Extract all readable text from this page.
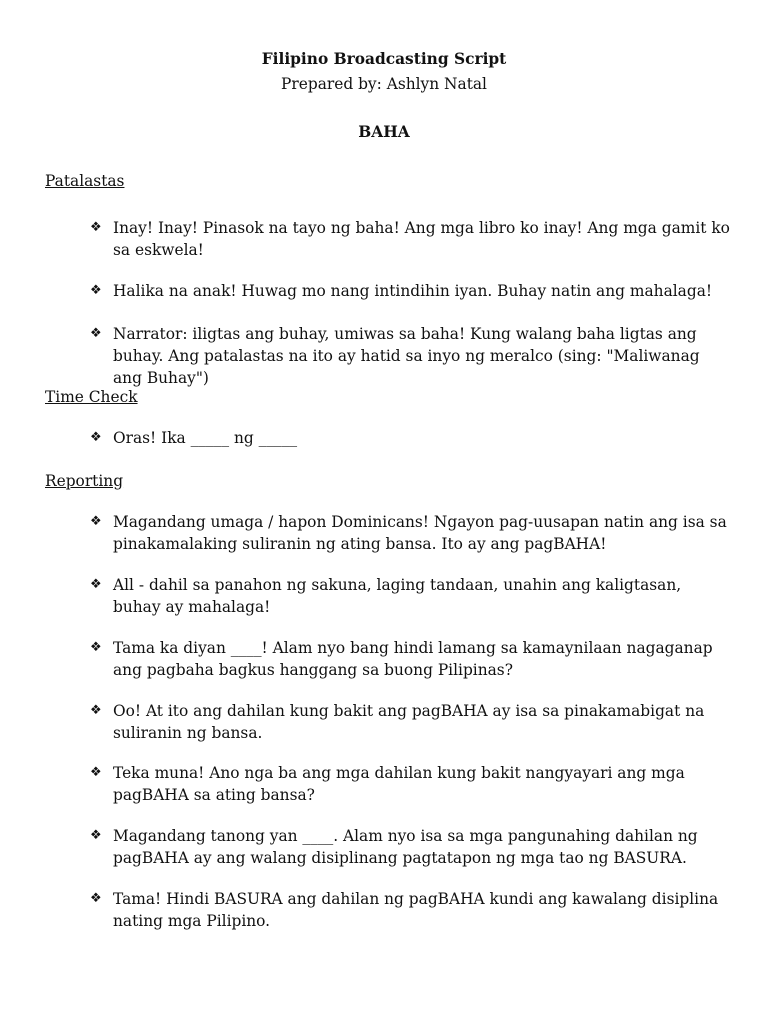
Filipino Broadcasting Script
Prepared by: Ashlyn Natal
BAHA
Patalastas
❖ Inay! Inay! Pinasok na tayo ng baha! Ang mga libro ko inay! Ang mga gamit ko sa eskwela!
❖ Halika na anak! Huwag mo nang intindihin iyan. Buhay natin ang mahalaga!
❖ Narrator: iligtas ang buhay, umiwas sa baha! Kung walang baha ligtas ang buhay. Ang patalastas na ito ay hatid sa inyo ng meralco (sing: "Maliwanag ang Buhay")
Time Check
❖ Oras! Ika _____ ng _____
Reporting
❖ Magandang umaga / hapon Dominicans! Ngayon pag-uusapan natin ang isa sa pinakamalaking suliranin ng ating bansa. Ito ay ang pagBAHA!
❖ All - dahil sa panahon ng sakuna, laging tandaan, unahin ang kaligtasan, buhay ay mahalaga!
❖ Tama ka diyan ____! Alam nyo bang hindi lamang sa kamaynilaan nagaganap ang pagbaha bagkus hanggang sa buong Pilipinas?
❖ Oo! At ito ang dahilan kung bakit ang pagBAHA ay isa sa pinakamabigat na suliranin ng bansa.
❖ Teka muna! Ano nga ba ang mga dahilan kung bakit nangyayari ang mga pagBAHA sa ating bansa?
❖ Magandang tanong yan ____. Alam nyo isa sa mga pangunahing dahilan ng pagBAHA ay ang walang disiplinang pagtatapon ng mga tao ng BASURA.
❖ Tama! Hindi BASURA ang dahilan ng pagBAHA kundi ang kawalang disiplina nating mga Pilipino.
